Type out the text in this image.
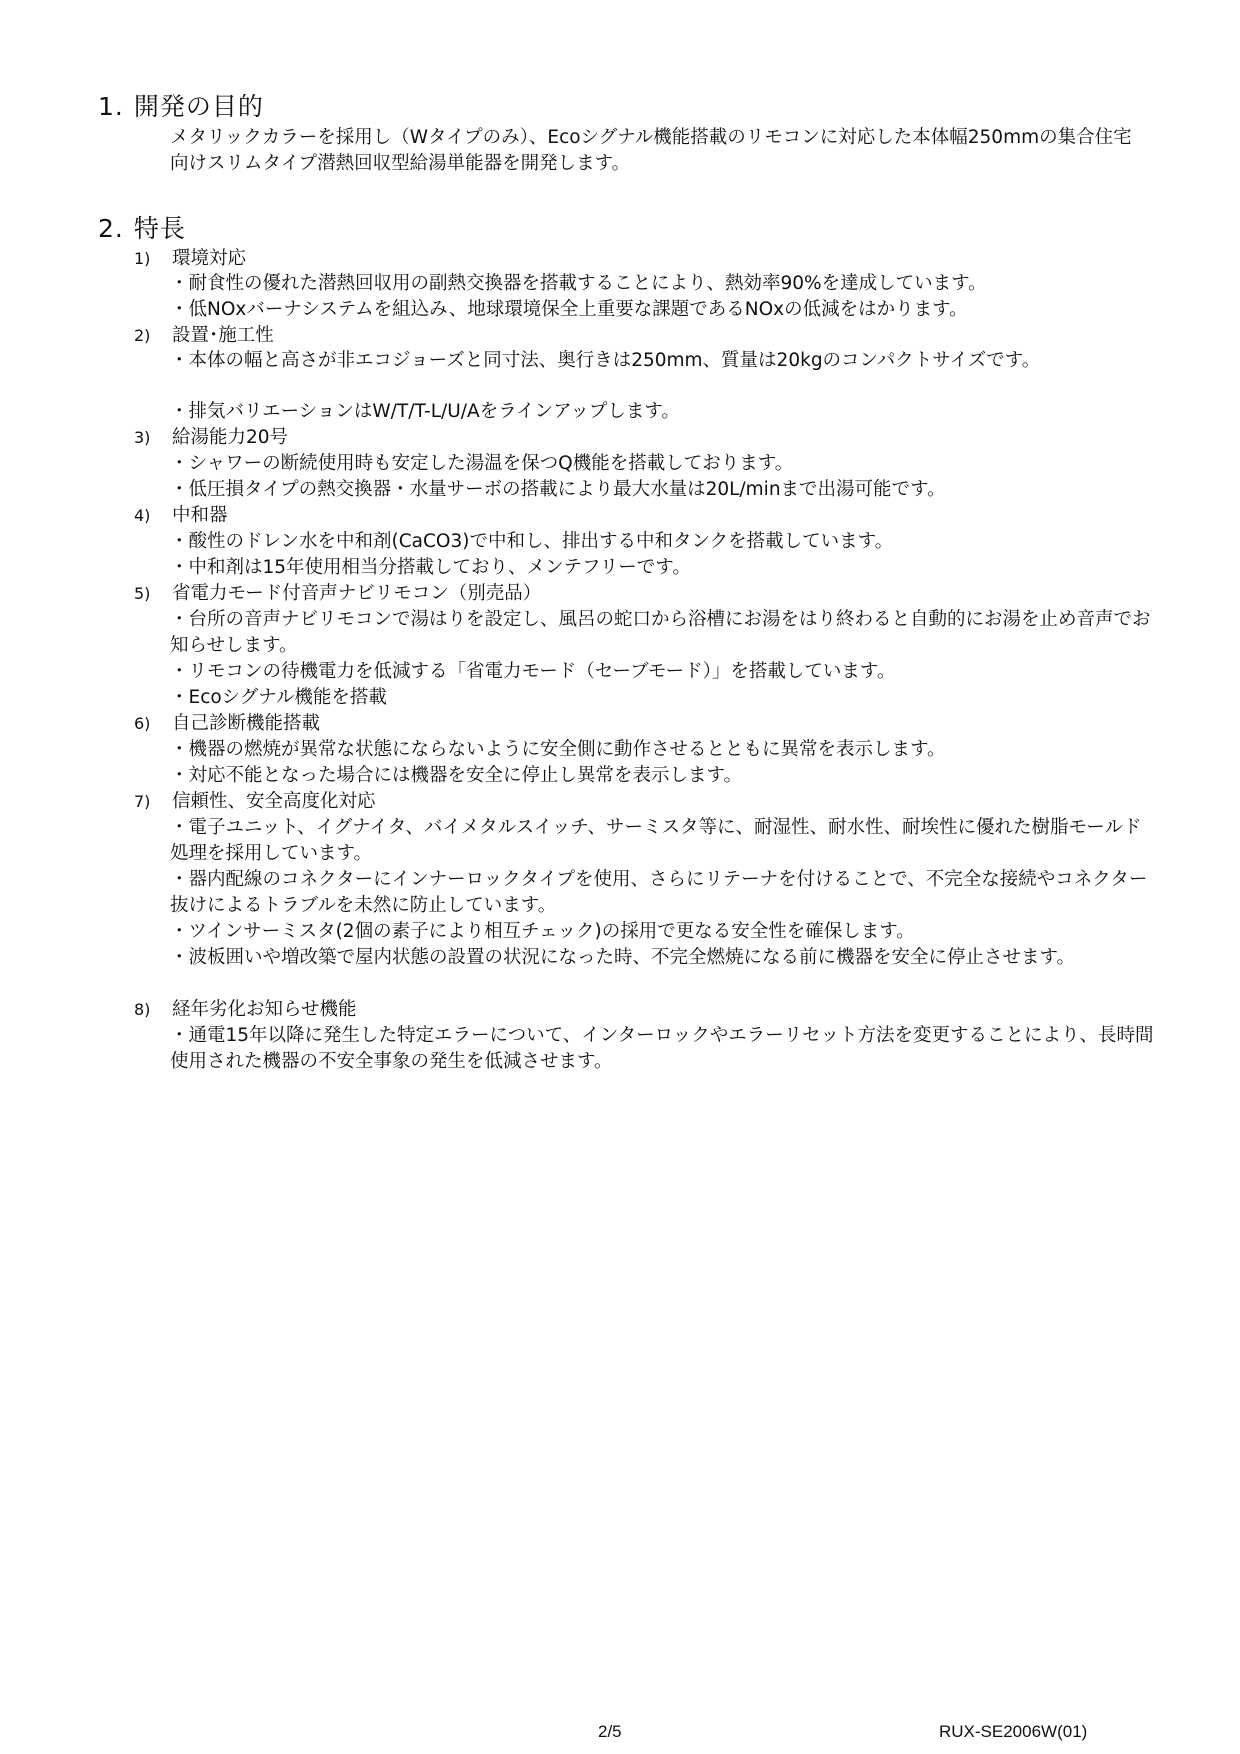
1. 開発の目的

メタリックカラーを採用し（Wタイプのみ）、Ecoシグナル機能搭載のリモコンに対応した本体幅250mmの集合住宅向けスリムタイプ潜熱回収型給湯単能器を開発します。

2. 特長
1) 環境対応

・耐食性の優れた潜熱回収用の副熱交換器を搭載することにより、熱効率90%を達成しています。

・低NOxバーナシステムを組込み、地球環境保全上重要な課題であるNOxの低減をはかります。

2) 設置･施工性

・本体の幅と高さが非エコジョーズと同寸法、奥行きは250mm、質量は20kgのコンパクトサイズです。

・排気バリエーションはW/T/T-L/U/Aをラインアップします。

3) 給湯能力20号

・シャワーの断続使用時も安定した湯温を保つQ機能を搭載しております。

・低圧損タイプの熱交換器・水量サーボの搭載により最大水量は20L/minまで出湯可能です。

4) 中和器

・酸性のドレン水を中和剤(CaCO3)で中和し、排出する中和タンクを搭載しています。

・中和剤は15年使用相当分搭載しており、メンテフリーです。

5) 省電力モード付音声ナビリモコン（別売品）

・台所の音声ナビリモコンで湯はりを設定し、風呂の蛇口から浴槽にお湯をはり終わると自動的にお湯を止め音声でお知らせします。

・リモコンの待機電力を低減する「省電力モード（セーブモード）」を搭載しています。

・Ecoシグナル機能を搭載

6) 自己診断機能搭載

・機器の燃焼が異常な状態にならないように安全側に動作させるとともに異常を表示します。

・対応不能となった場合には機器を安全に停止し異常を表示します。

7) 信頼性、安全高度化対応

・電子ユニット、イグナイタ、バイメタルスイッチ、サーミスタ等に、耐湿性、耐水性、耐埃性に優れた樹脂モールド処理を採用しています。

・器内配線のコネクターにインナーロックタイプを使用、さらにリテーナを付けることで、不完全な接続やコネクター抜けによるトラブルを未然に防止しています。

・ツインサーミスタ(2個の素子により相互チェック)の採用で更なる安全性を確保します。

・波板囲いや増改築で屋内状態の設置の状況になった時、不完全燃焼になる前に機器を安全に停止させます。

8) 経年劣化お知らせ機能

・通電15年以降に発生した特定エラーについて、インターロックやエラーリセット方法を変更することにより、長時間使用された機器の不安全事象の発生を低減させます。

2/5	RUX-SE2006W(01)
